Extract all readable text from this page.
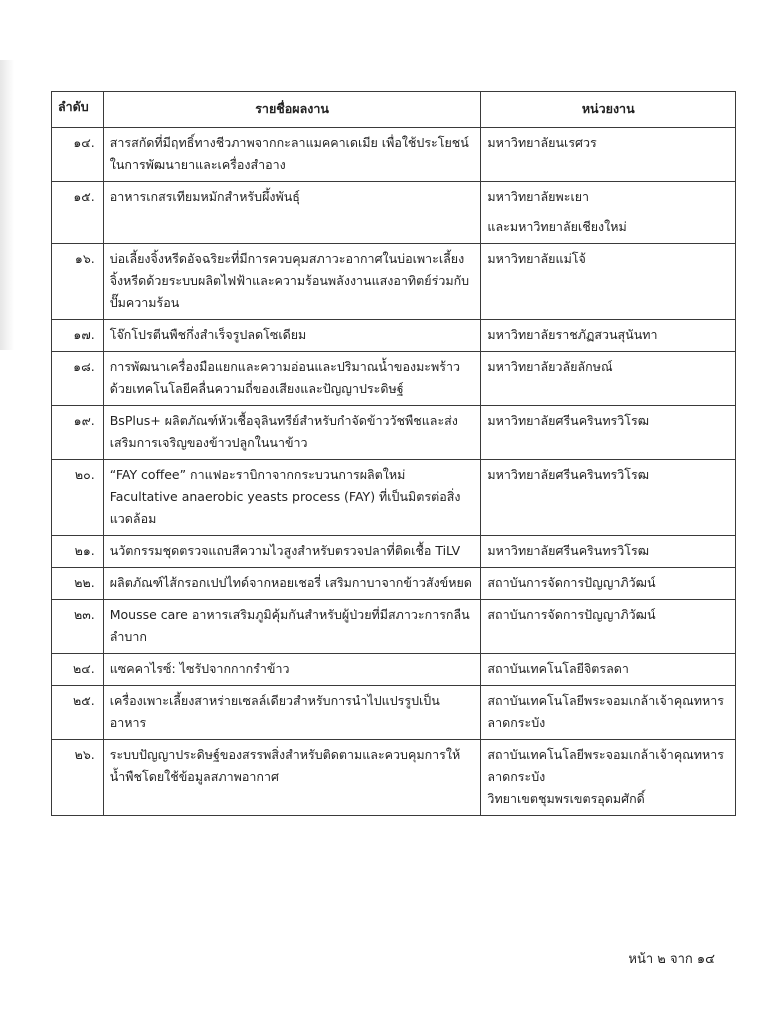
ลำดับ	รายชื่อผลงาน	หน่วยงาน
๑๔.	สารสกัดที่มีฤทธิ์ทางชีวภาพจากกะลาแมคคาเดเมีย เพื่อใช้ประโยชน์ในการพัฒนายาและเครื่องสำอาง	มหาวิทยาลัยนเรศวร

๑๕.	อาหารเกสรเทียมหมักสำหรับผึ้งพันธุ์	มหาวิทยาลัยพะเยา
และมหาวิทยาลัยเชียงใหม่

๑๖.	บ่อเลี้ยงจิ้งหรีดอัจฉริยะที่มีการควบคุมสภาวะอากาศในบ่อเพาะเลี้ยงจิ้งหรีดด้วยระบบผลิตไฟฟ้าและความร้อนพลังงานแสงอาทิตย์ร่วมกับปั๊มความร้อน	มหาวิทยาลัยแม่โจ้

๑๗.	โจ๊กโปรตีนพืชกึ่งสำเร็จรูปลดโซเดียม	มหาวิทยาลัยราชภัฏสวนสุนันทา

๑๘.	การพัฒนาเครื่องมือแยกและความอ่อนและปริมาณน้ำของมะพร้าวด้วยเทคโนโลยีคลื่นความถี่ของเสียงและปัญญาประดิษฐ์	มหาวิทยาลัยวลัยลักษณ์

๑๙.	BsPlus+ ผลิตภัณฑ์หัวเชื้อจุลินทรีย์สำหรับกำจัดข้าววัชพืชและส่งเสริมการเจริญของข้าวปลูกในนาข้าว	มหาวิทยาลัยศรีนครินทรวิโรฒ

๒๐.	“FAY coffee” กาแฟอะราบิกาจากกระบวนการผลิตใหม่ Facultative anaerobic yeasts process (FAY) ที่เป็นมิตรต่อสิ่งแวดล้อม	มหาวิทยาลัยศรีนครินทรวิโรฒ

๒๑.	นวัตกรรมชุดตรวจแถบสีความไวสูงสำหรับตรวจปลาที่ติดเชื้อ TiLV	มหาวิทยาลัยศรีนครินทรวิโรฒ

๒๒.	ผลิตภัณฑ์ไส้กรอกเปปไทด์จากหอยเชอรี่ เสริมกาบาจากข้าวสังข์หยด	สถาบันการจัดการปัญญาภิวัฒน์

๒๓.	Mousse care อาหารเสริมภูมิคุ้มกันสำหรับผู้ป่วยที่มีสภาวะการกลืนลำบาก	สถาบันการจัดการปัญญาภิวัฒน์

๒๔.	แซคคาไรซ์: ไซรัปจากกากรำข้าว	สถาบันเทคโนโลยีจิตรลดา

๒๕.	เครื่องเพาะเลี้ยงสาหร่ายเซลล์เดียวสำหรับการนำไปแปรรูปเป็นอาหาร	สถาบันเทคโนโลยีพระจอมเกล้าเจ้าคุณทหารลาดกระบัง

๒๖.	ระบบปัญญาประดิษฐ์ของสรรพสิ่งสำหรับติดตามและควบคุมการให้น้ำพืชโดยใช้ข้อมูลสภาพอากาศ	สถาบันเทคโนโลยีพระจอมเกล้าเจ้าคุณทหารลาดกระบัง
วิทยาเขตชุมพรเขตรอุดมศักดิ์
หน้า ๒ จาก ๑๔
